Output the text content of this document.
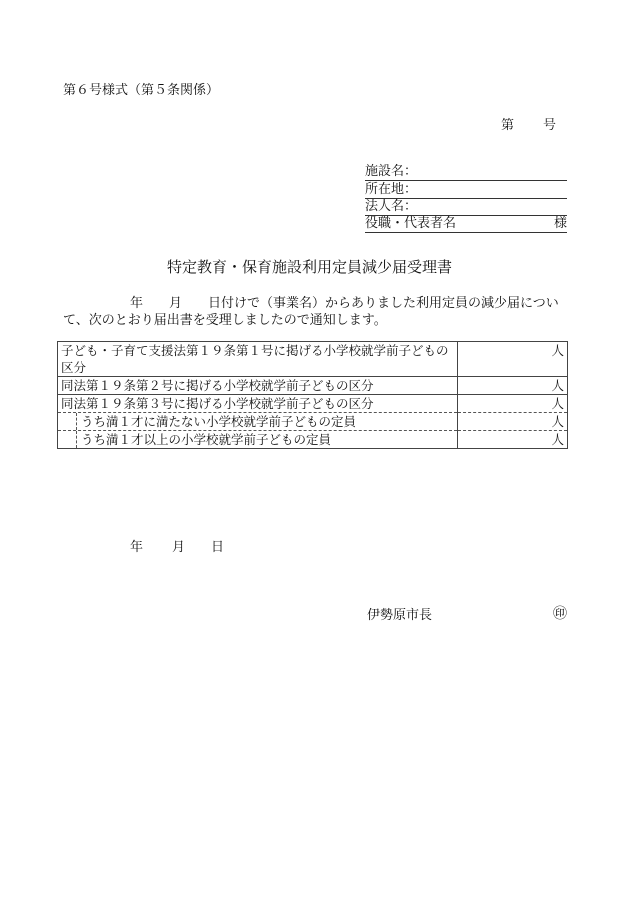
第６号様式（第５条関係）
第 号
施設名：
所在地：
法人名：
役職・代表者名	様
特定教育・保育施設利用定員減少届受理書
年　　月　　日付けで（事業名）からありました利用定員の減少届につい
て、次のとおり届出書を受理しましたので通知します。
子ども・子育て支援法第１９条第１号に掲げる小学校就学前子どもの区分	人
同法第１９条第２号に掲げる小学校就学前子どもの区分	人
同法第１９条第３号に掲げる小学校就学前子どもの区分	人

うち満１才に満たない小学校就学前子どもの定員	人

うち満１才以上の小学校就学前子どもの定員	人
年 月 日
伊勢原市長	㊞
